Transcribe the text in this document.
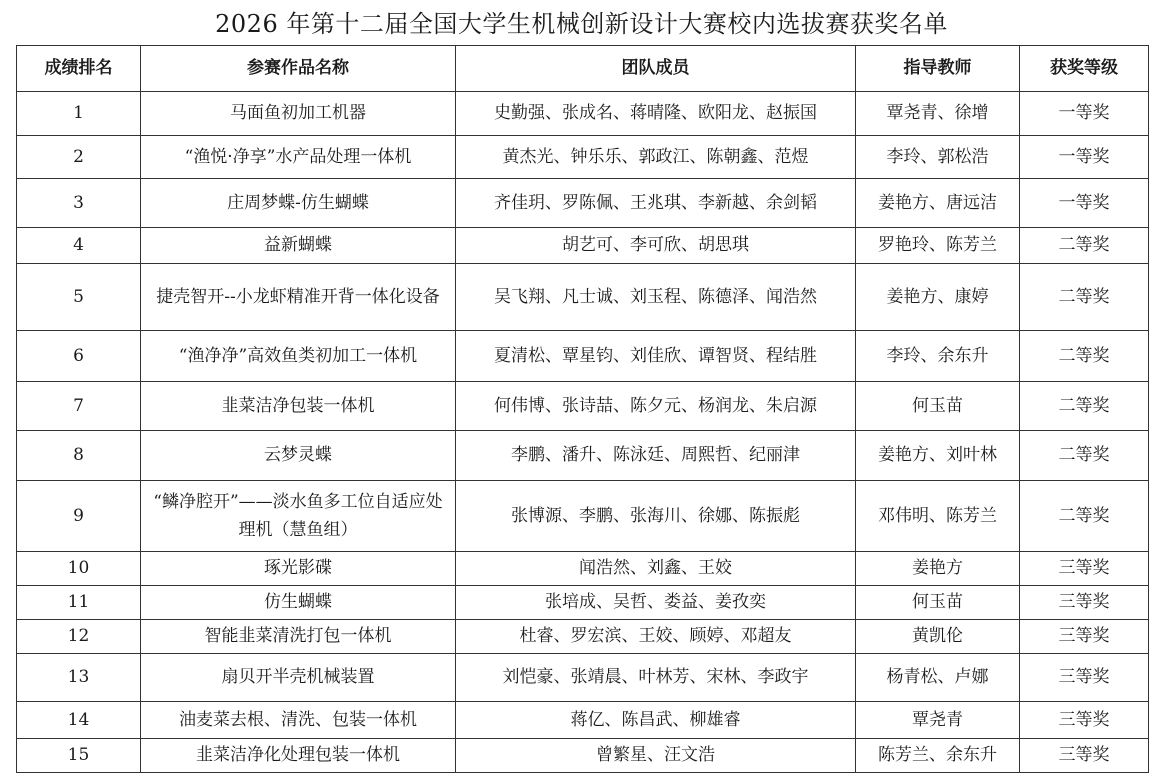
2026 年第十二届全国大学生机械创新设计大赛校内选拔赛获奖名单
成绩排名	参赛作品名称	团队成员	指导教师	获奖等级
1	马面鱼初加工机器	史勤强、张成名、蒋晴隆、欧阳龙、赵振国	覃尧青、徐增	一等奖
2	“渔悦·净享”水产品处理一体机	黄杰光、钟乐乐、郭政江、陈朝鑫、范煜	李玲、郭松浩	一等奖
3	庄周梦蝶-仿生蝴蝶	齐佳玥、罗陈佩、王兆琪、李新越、余剑韬	姜艳方、唐远洁	一等奖
4	益新蝴蝶	胡艺可、李可欣、胡思琪	罗艳玲、陈芳兰	二等奖
5	捷壳智开--小龙虾精准开背一体化设备	吴飞翔、凡士诚、刘玉程、陈德泽、闻浩然	姜艳方、康婷	二等奖
6	“渔净净”高效鱼类初加工一体机	夏清松、覃星钧、刘佳欣、谭智贤、程结胜	李玲、余东升	二等奖
7	韭菜洁净包装一体机	何伟博、张诗喆、陈夕元、杨润龙、朱启源	何玉苗	二等奖
8	云梦灵蝶	李鹏、潘升、陈泳廷、周熙哲、纪丽津	姜艳方、刘叶林	二等奖
9	“鳞净腔开”——淡水鱼多工位自适应处理机（慧鱼组）	张博源、李鹏、张海川、徐娜、陈振彪	邓伟明、陈芳兰	二等奖
10	琢光影碟	闻浩然、刘鑫、王姣	姜艳方	三等奖
11	仿生蝴蝶	张培成、吴哲、娄益、姜孜奕	何玉苗	三等奖
12	智能韭菜清洗打包一体机	杜睿、罗宏滨、王姣、顾婷、邓超友	黄凯伦	三等奖
13	扇贝开半壳机械装置	刘恺豪、张靖晨、叶林芳、宋林、李政宇	杨青松、卢娜	三等奖
14	油麦菜去根、清洗、包装一体机	蒋亿、陈昌武、柳雄睿	覃尧青	三等奖
15	韭菜洁净化处理包装一体机	曾繁星、汪文浩	陈芳兰、余东升	三等奖
